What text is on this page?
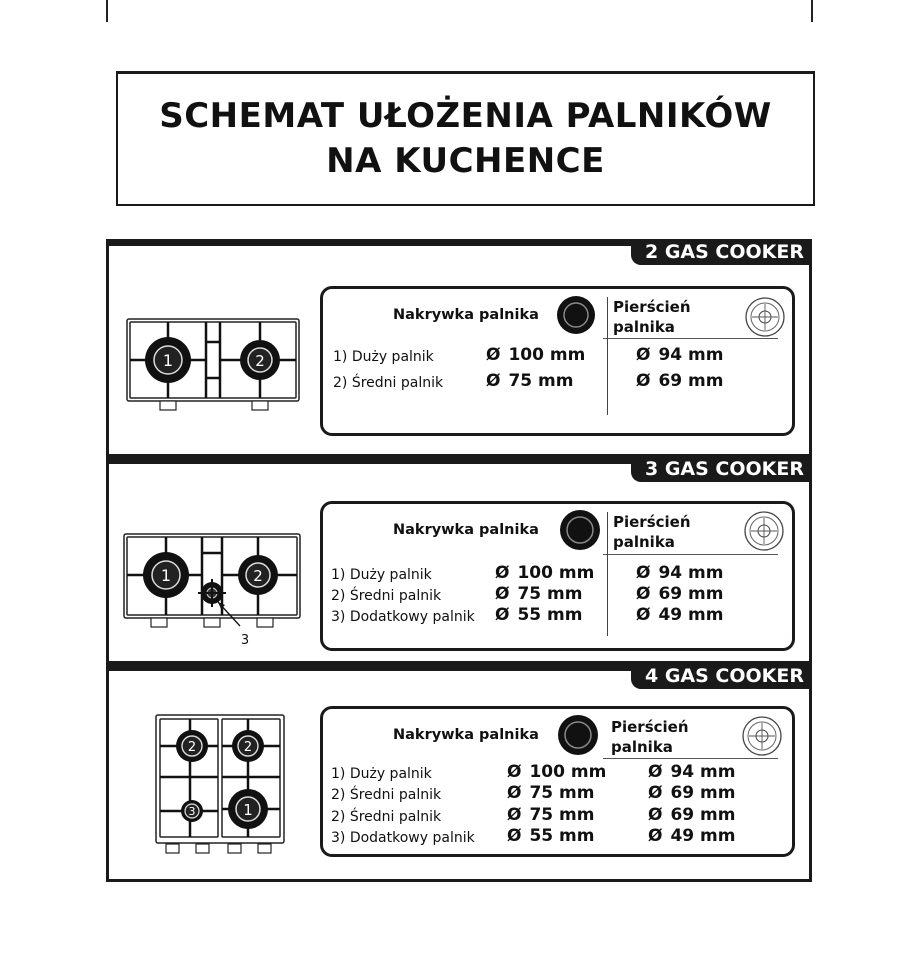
SCHEMAT UŁOŻENIA PALNIKÓW
NA KUCHENCE
2 GAS COOKER
3 GAS COOKER
4 GAS COOKER
1	2
Nakrywka palnika	Pierścień
palnika
1) Duży palnik	Ø 100 mm	Ø 94 mm
2) Średni palnik	Ø 75 mm	Ø 69 mm
1	2
3
Nakrywka palnika	Pierścień
palnika
1) Duży palnik	Ø 100 mm Ø 94 mm
2) Średni palnik	Ø 75 mm	Ø 69 mm
3) Dodatkowy palnik Ø 55 mm	Ø 49 mm
2	2
3	1
Nakrywka palnika	Pierścień
palnika
1) Duży palnik	Ø 100 mm Ø 94 mm
2) Średni palnik	Ø 75 mm	Ø 69 mm
2) Średni palnik	Ø 75 mm	Ø 69 mm
3) Dodatkowy palnik Ø 55 mm	Ø 49 mm
